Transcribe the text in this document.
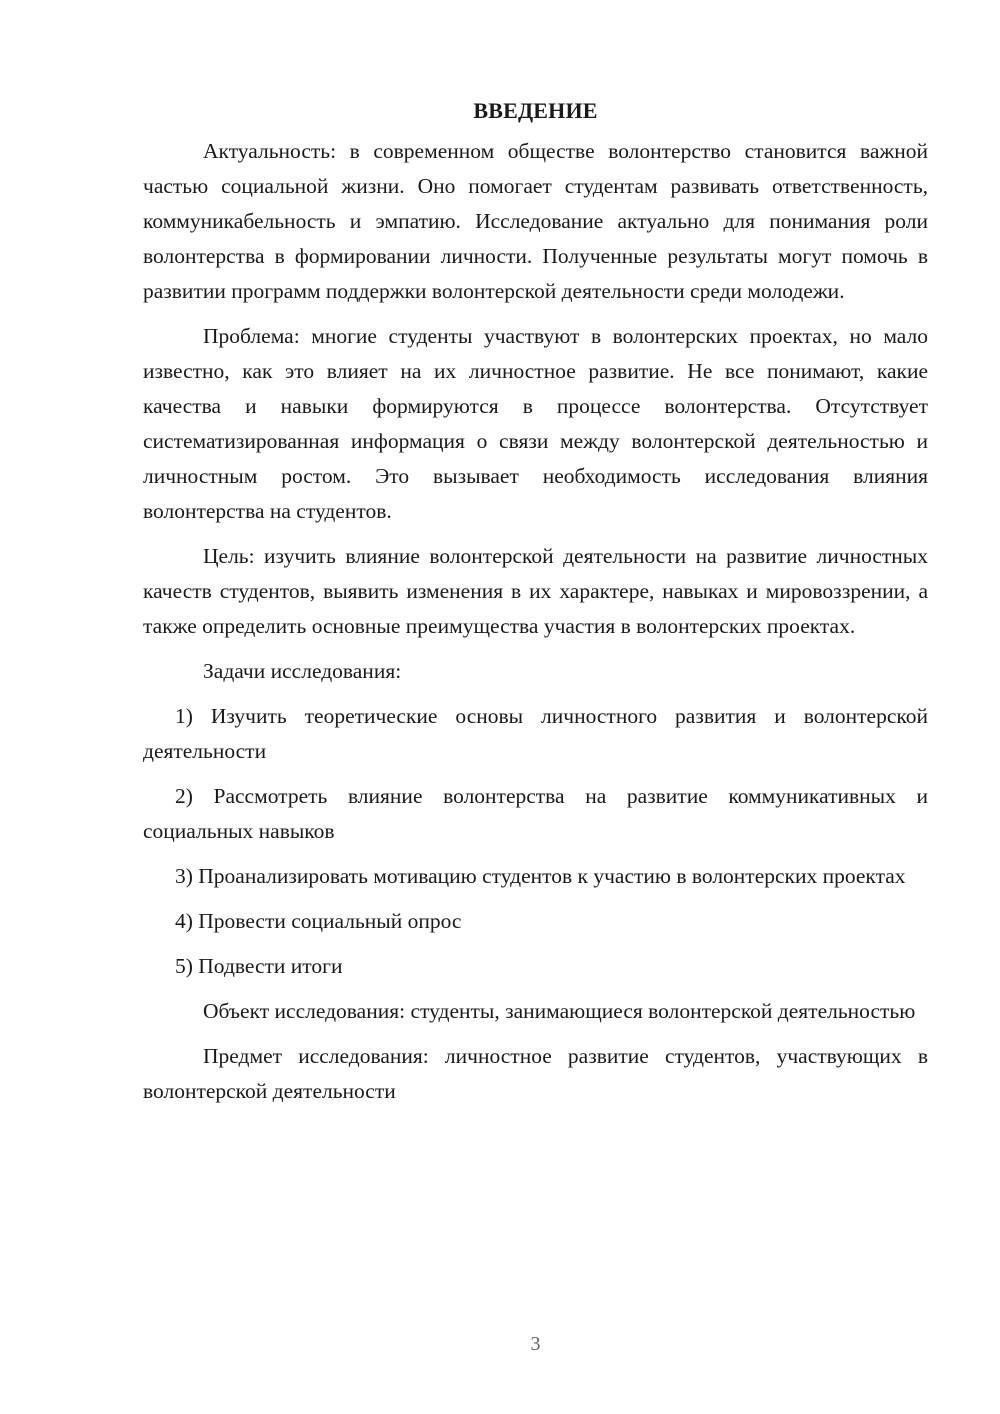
ВВЕДЕНИЕ

Актуальность: в современном обществе волонтерство становится важной частью социальной жизни. Оно помогает студентам развивать ответственность, коммуникабельность и эмпатию. Исследование актуально для понимания роли волонтерства в формировании личности. Полученные результаты могут помочь в развитии программ поддержки волонтерской деятельности среди молодежи.

Проблема: многие студенты участвуют в волонтерских проектах, но мало известно, как это влияет на их личностное развитие. Не все понимают, какие качества и навыки формируются в процессе волонтерства. Отсутствует систематизированная информация о связи между волонтерской деятельностью и личностным ростом. Это вызывает необходимость исследования влияния волонтерства на студентов.

Цель: изучить влияние волонтерской деятельности на развитие личностных качеств студентов, выявить изменения в их характере, навыках и мировоззрении, а также определить основные преимущества участия в волонтерских проектах.

Задачи исследования:

1) Изучить теоретические основы личностного развития и волонтерской деятельности

2) Рассмотреть влияние волонтерства на развитие коммуникативных и социальных навыков

3) Проанализировать мотивацию студентов к участию в волонтерских проектах

4) Провести социальный опрос

5) Подвести итоги

Объект исследования: студенты, занимающиеся волонтерской деятельностью

Предмет исследования: личностное развитие студентов, участвующих в волонтерской деятельности

3
